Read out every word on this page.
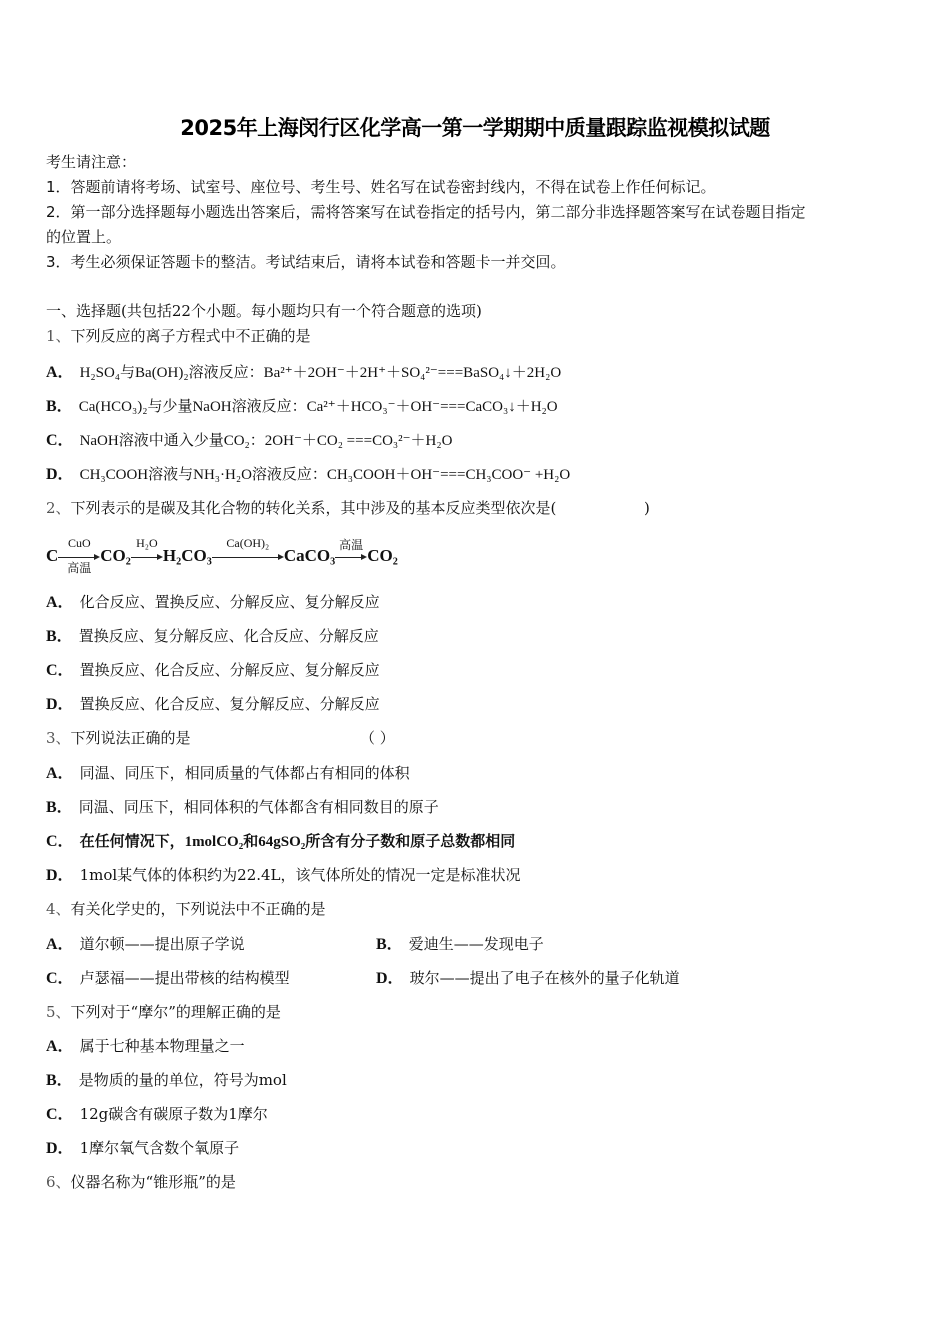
2025年上海闵行区化学高一第一学期期中质量跟踪监视模拟试题
考生请注意：
1．答题前请将考场、试室号、座位号、考生号、姓名写在试卷密封线内，不得在试卷上作任何标记。
2．第一部分选择题每小题选出答案后，需将答案写在试卷指定的括号内，第二部分非选择题答案写在试卷题目指定
的位置上。
3．考生必须保证答题卡的整洁。考试结束后，请将本试卷和答题卡一并交回。
一、选择题(共包括22个小题。每小题均只有一个符合题意的选项)
1、下列反应的离子方程式中不正确的是
A． H₂SO₄与Ba(OH)₂溶液反应：Ba²⁺＋2OH⁻＋2H⁺＋SO₄²⁻===BaSO₄↓＋2H₂O
B． Ca(HCO₃)₂与少量NaOH溶液反应：Ca²⁺＋HCO₃⁻＋OH⁻===CaCO₃↓＋H₂O
C． NaOH溶液中通入少量CO₂：2OH⁻＋CO₂ ===CO₃²⁻＋H₂O
D． CH₃COOH溶液与NH₃·H₂O溶液反应：CH₃COOH＋OH⁻===CH₃COO⁻ +H₂O
2、下列表示的是碳及其化合物的转化关系，其中涉及的基本反应类型依次是(	)
C
CuO
高温
CO₂
H₂O
H₂CO₃
Ca(OH)₂
CaCO₃
高温
CO₂
A． 化合反应、置换反应、分解反应、复分解反应
B． 置换反应、复分解反应、化合反应、分解反应
C． 置换反应、化合反应、分解反应、复分解反应
D． 置换反应、化合反应、复分解反应、分解反应
3、下列说法正确的是	（ ）
A． 同温、同压下，相同质量的气体都占有相同的体积
B． 同温、同压下，相同体积的气体都含有相同数目的原子
C． 在任何情况下，1molCO₂和64gSO₂所含有分子数和原子总数都相同
D． 1mol某气体的体积约为22.4L，该气体所处的情况一定是标准状况
4、有关化学史的，下列说法中不正确的是
A． 道尔顿——提出原子学说	B． 爱迪生——发现电子
C． 卢瑟福——提出带核的结构模型	D． 玻尔——提出了电子在核外的量子化轨道
5、下列对于“摩尔”的理解正确的是
A． 属于七种基本物理量之一
B． 是物质的量的单位，符号为mol
C． 12g碳含有碳原子数为1摩尔
D． 1摩尔氧气含数个氧原子
6、仪器名称为“锥形瓶”的是
